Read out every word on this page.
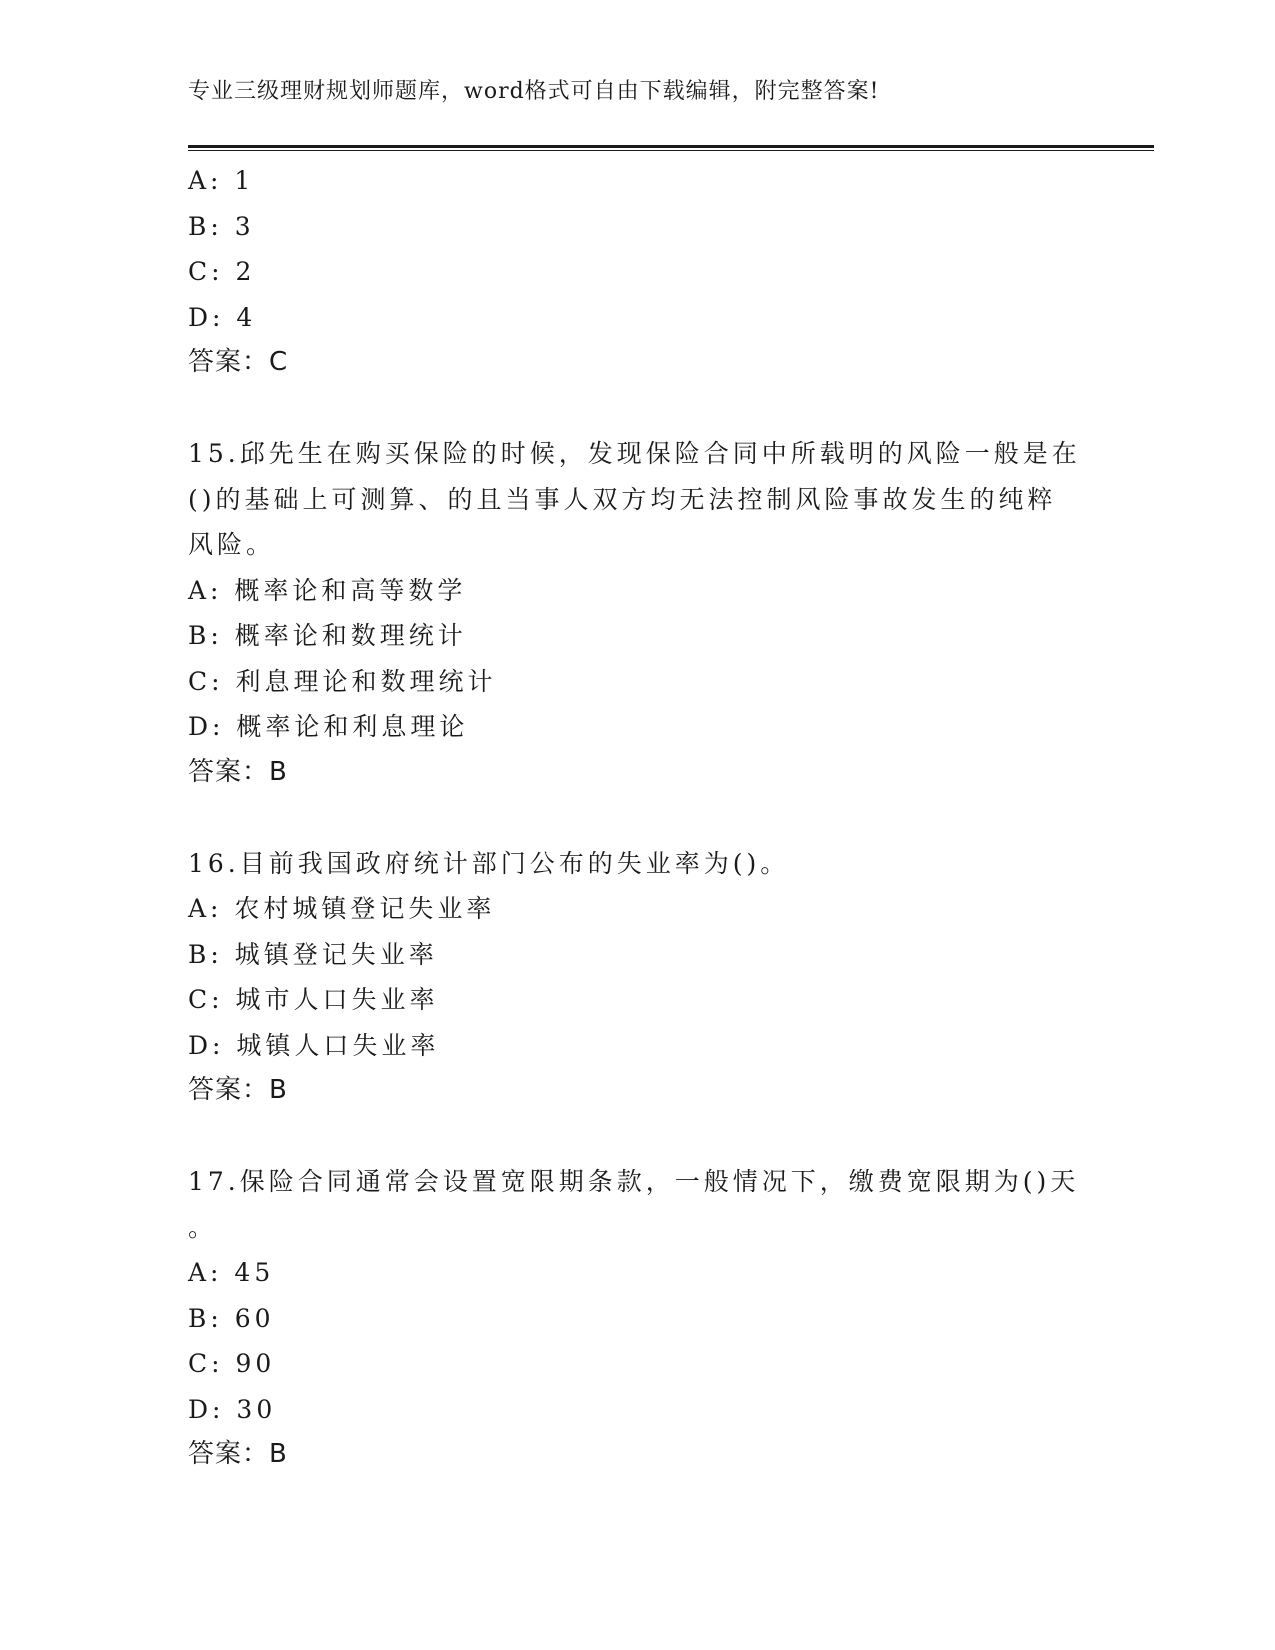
专业三级理财规划师题库，word格式可自由下载编辑，附完整答案!
A: 1
B: 3
C: 2
D: 4
答案：C
15.邱先生在购买保险的时候，发现保险合同中所载明的风险一般是在
()的基础上可测算、的且当事人双方均无法控制风险事故发生的纯粹
风险。
A: 概率论和高等数学
B: 概率论和数理统计
C: 利息理论和数理统计
D: 概率论和利息理论
答案：B
16.目前我国政府统计部门公布的失业率为()。
A: 农村城镇登记失业率
B: 城镇登记失业率
C: 城市人口失业率
D: 城镇人口失业率
答案：B
17.保险合同通常会设置宽限期条款，一般情况下，缴费宽限期为()天
。
A: 45
B: 60
C: 90
D: 30
答案：B
